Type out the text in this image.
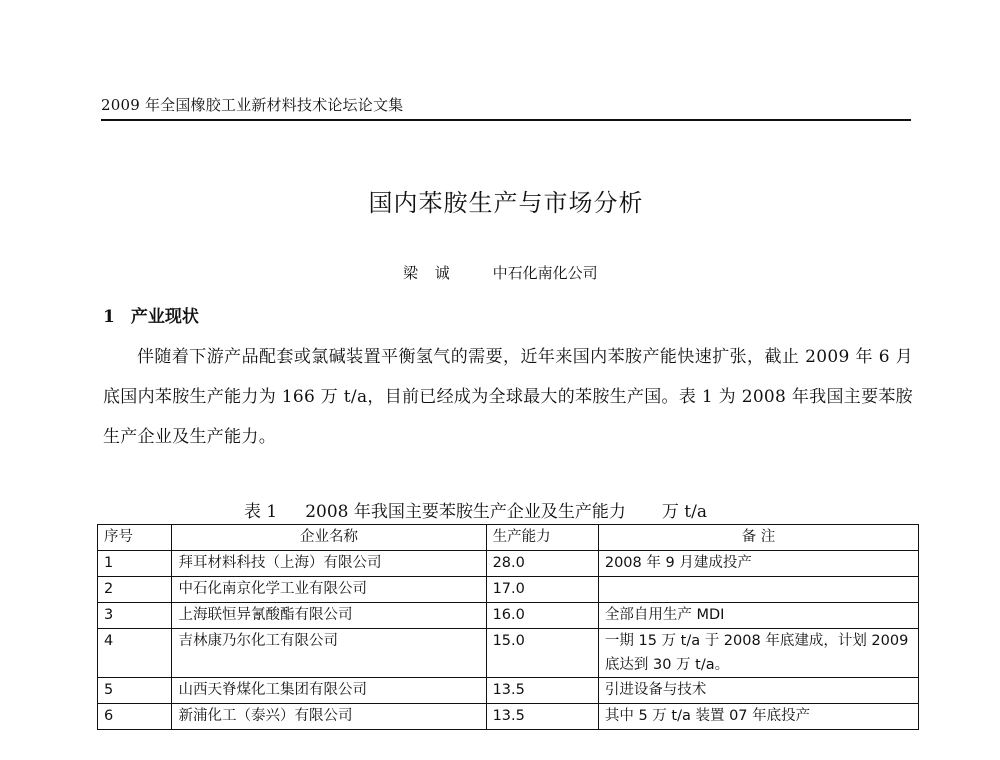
2009 年全国橡胶工业新材料技术论坛论文集
国内苯胺生产与市场分析
梁 诚 中石化南化公司
1 产业现状
伴随着下游产品配套或氯碱装置平衡氢气的需要，近年来国内苯胺产能快速扩张，截止 2009 年 6 月底国内苯胺生产能力为 166 万 t/a，目前已经成为全球最大的苯胺生产国。表 1 为 2008 年我国主要苯胺生产企业及生产能力。
表 1 2008 年我国主要苯胺生产企业及生产能力 万 t/a
序号	企业名称	生产能力	备 注
1	拜耳材料科技（上海）有限公司	28.0	2008 年 9 月建成投产
2	中石化南京化学工业有限公司	17.0	
3	上海联恒异氰酸酯有限公司	16.0	全部自用生产 MDI
4	吉林康乃尔化工有限公司	15.0	一期 15 万 t/a 于 2008 年底建成，计划 2009 底达到 30 万 t/a。
5	山西天脊煤化工集团有限公司	13.5	引进设备与技术
6	新浦化工（泰兴）有限公司	13.5	其中 5 万 t/a 装置 07 年底投产
